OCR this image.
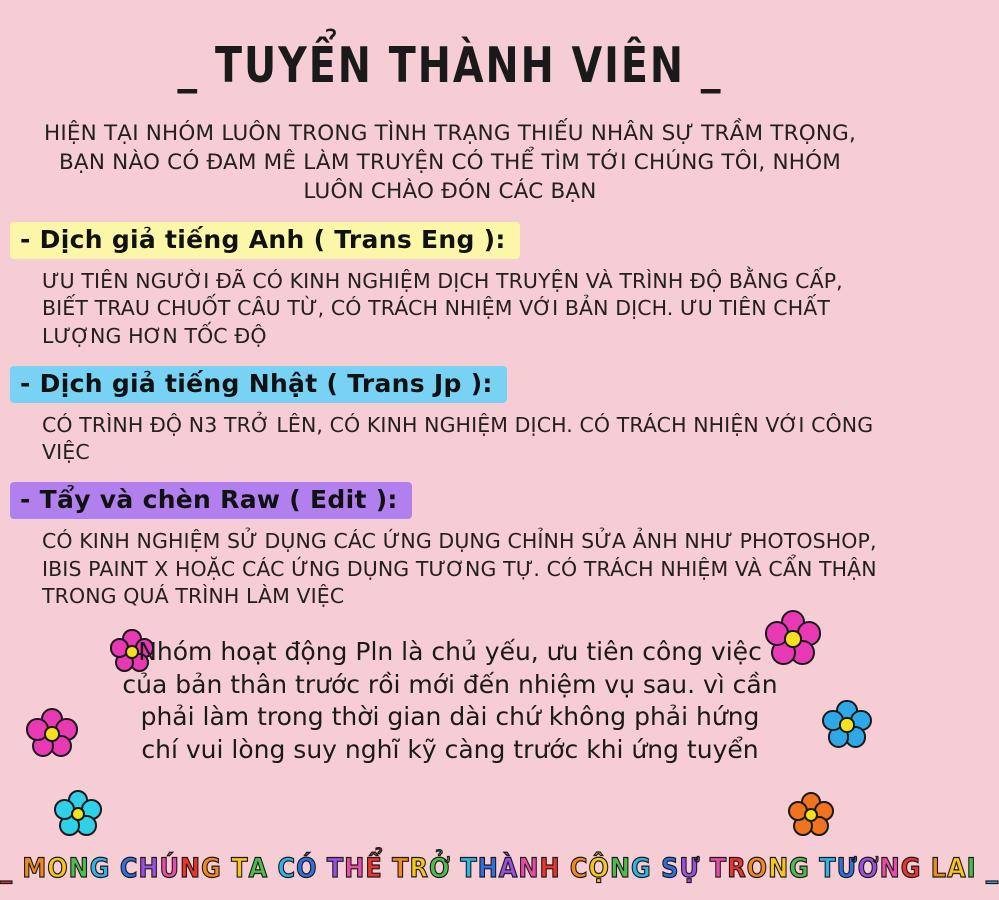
_ TUYỂN THÀNH VIÊN _
HIỆN TẠI NHÓM LUÔN TRONG TÌNH TRẠNG THIẾU NHÂN SỰ TRẦM TRỌNG, BẠN NÀO CÓ ĐAM MÊ LÀM TRUYỆN CÓ THỂ TÌM TỚI CHÚNG TÔI, NHÓM LUÔN CHÀO ĐÓN CÁC BẠN
- Dịch giả tiếng Anh ( Trans Eng ):
ƯU TIÊN NGƯỜI ĐÃ CÓ KINH NGHIỆM DỊCH TRUYỆN VÀ TRÌNH ĐỘ BẰNG CẤP, BIẾT TRAU CHUỐT CÂU TỪ, CÓ TRÁCH NHIỆM VỚI BẢN DỊCH. ƯU TIÊN CHẤT LƯỢNG HƠN TỐC ĐỘ
- Dịch giả tiếng Nhật ( Trans Jp ):
CÓ TRÌNH ĐỘ N3 TRỞ LÊN, CÓ KINH NGHIỆM DỊCH. CÓ TRÁCH NHIỆN VỚI CÔNG VIỆC
- Tẩy và chèn Raw ( Edit ):
CÓ KINH NGHIỆM SỬ DỤNG CÁC ỨNG DỤNG CHỈNH SỬA ẢNH NHƯ PHOTOSHOP, IBIS PAINT X HOẶC CÁC ỨNG DỤNG TƯƠNG TỰ. CÓ TRÁCH NHIỆM VÀ CẨN THẬN TRONG QUÁ TRÌNH LÀM VIỆC
Nhóm hoạt động Pln là chủ yếu, ưu tiên công việc của bản thân trước rồi mới đến nhiệm vụ sau. vì cần phải làm trong thời gian dài chứ không phải hứng chí vui lòng suy nghĩ kỹ càng trước khi ứng tuyển
_ MONG CHÚNG TA CÓ THỂ TRỞ THÀNH CỘNG SỰ TRONG TƯƠNG LAI _
